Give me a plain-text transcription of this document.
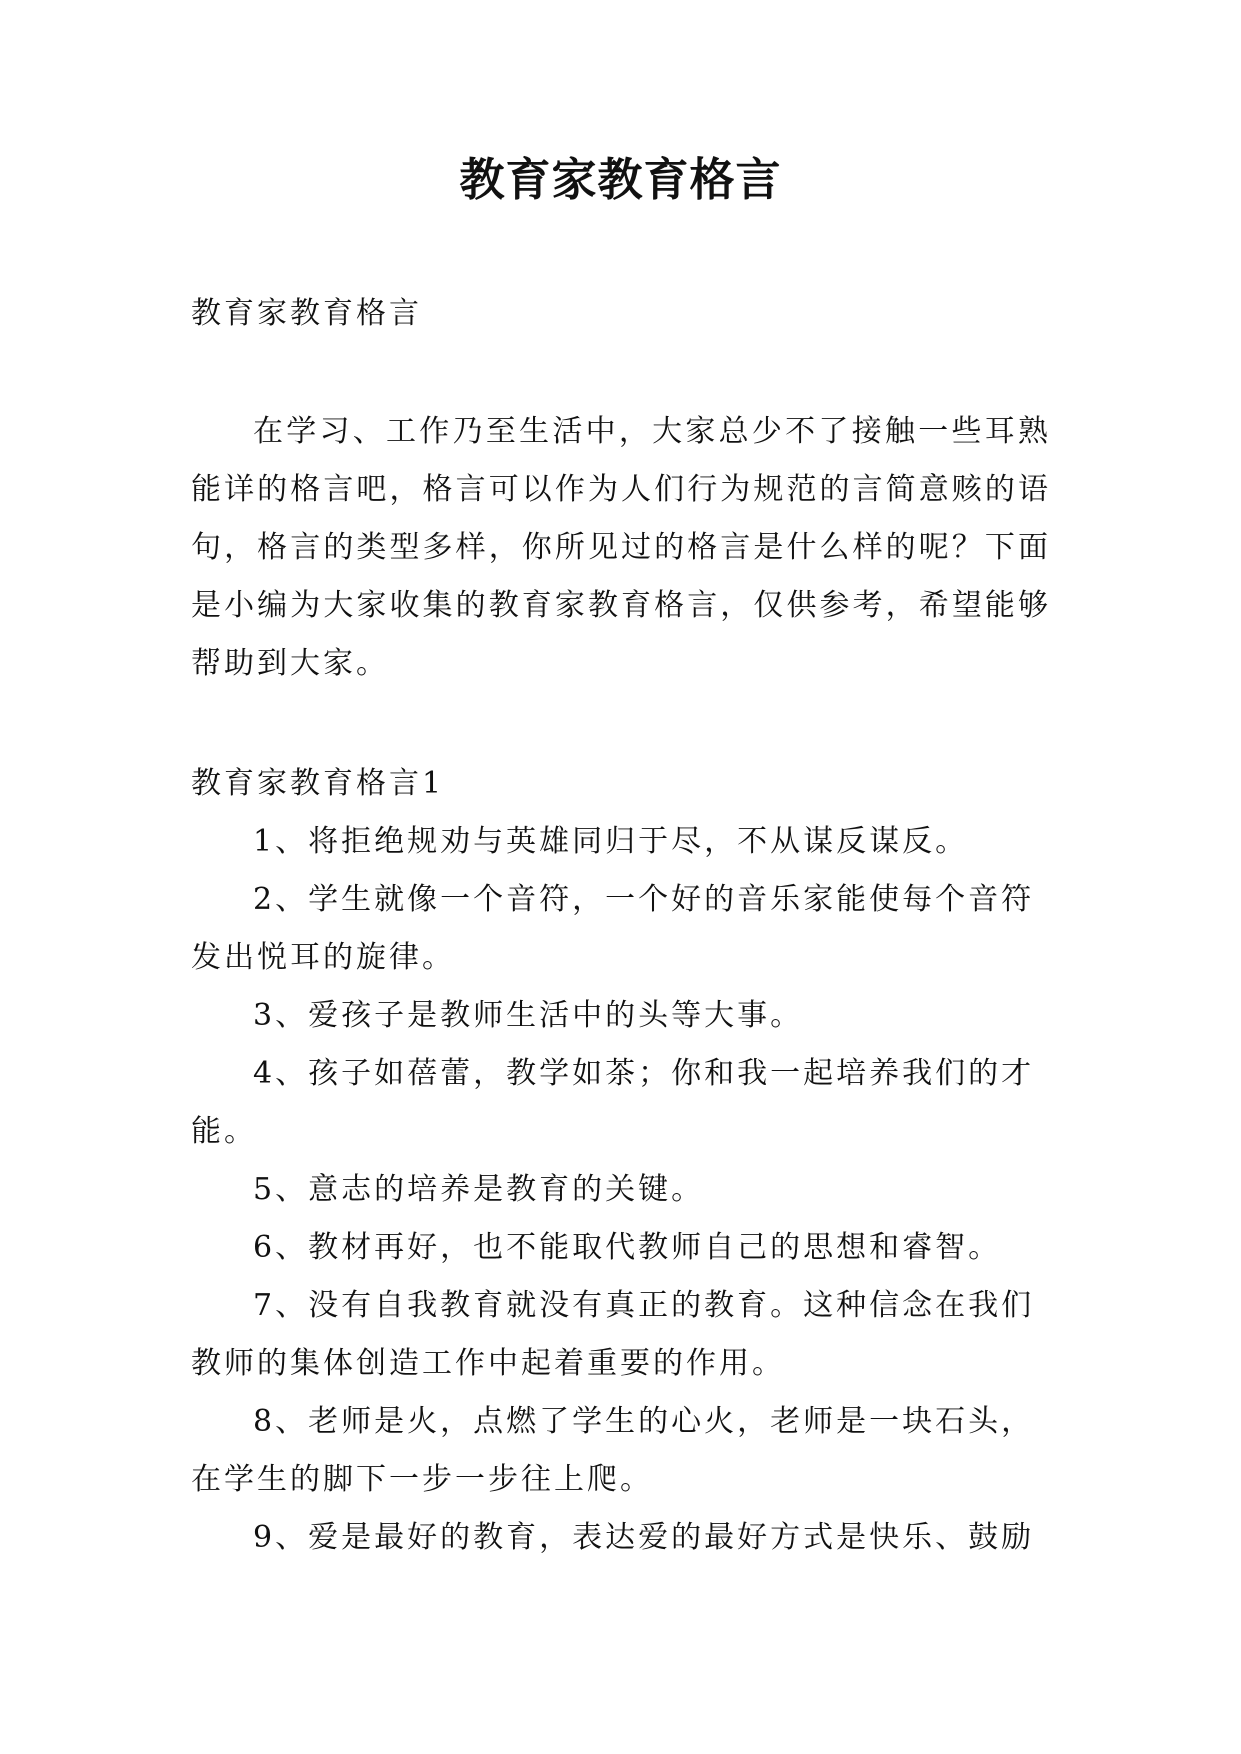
教育家教育格言

教育家教育格言

在学习、工作乃至生活中，大家总少不了接触一些耳熟能详的格言吧，格言可以作为人们行为规范的言简意赅的语句，格言的类型多样，你所见过的格言是什么样的呢？下面是小编为大家收集的教育家教育格言，仅供参考，希望能够帮助到大家。

教育家教育格言1

1、将拒绝规劝与英雄同归于尽，不从谋反谋反。

2、学生就像一个音符，一个好的音乐家能使每个音符发出悦耳的旋律。

3、爱孩子是教师生活中的头等大事。

4、孩子如蓓蕾，教学如茶；你和我一起培养我们的才能。

5、意志的培养是教育的关键。

6、教材再好，也不能取代教师自己的思想和睿智。

7、没有自我教育就没有真正的教育。这种信念在我们教师的集体创造工作中起着重要的作用。

8、老师是火，点燃了学生的心火，老师是一块石头，在学生的脚下一步一步往上爬。

9、爱是最好的教育，表达爱的最好方式是快乐、鼓励
